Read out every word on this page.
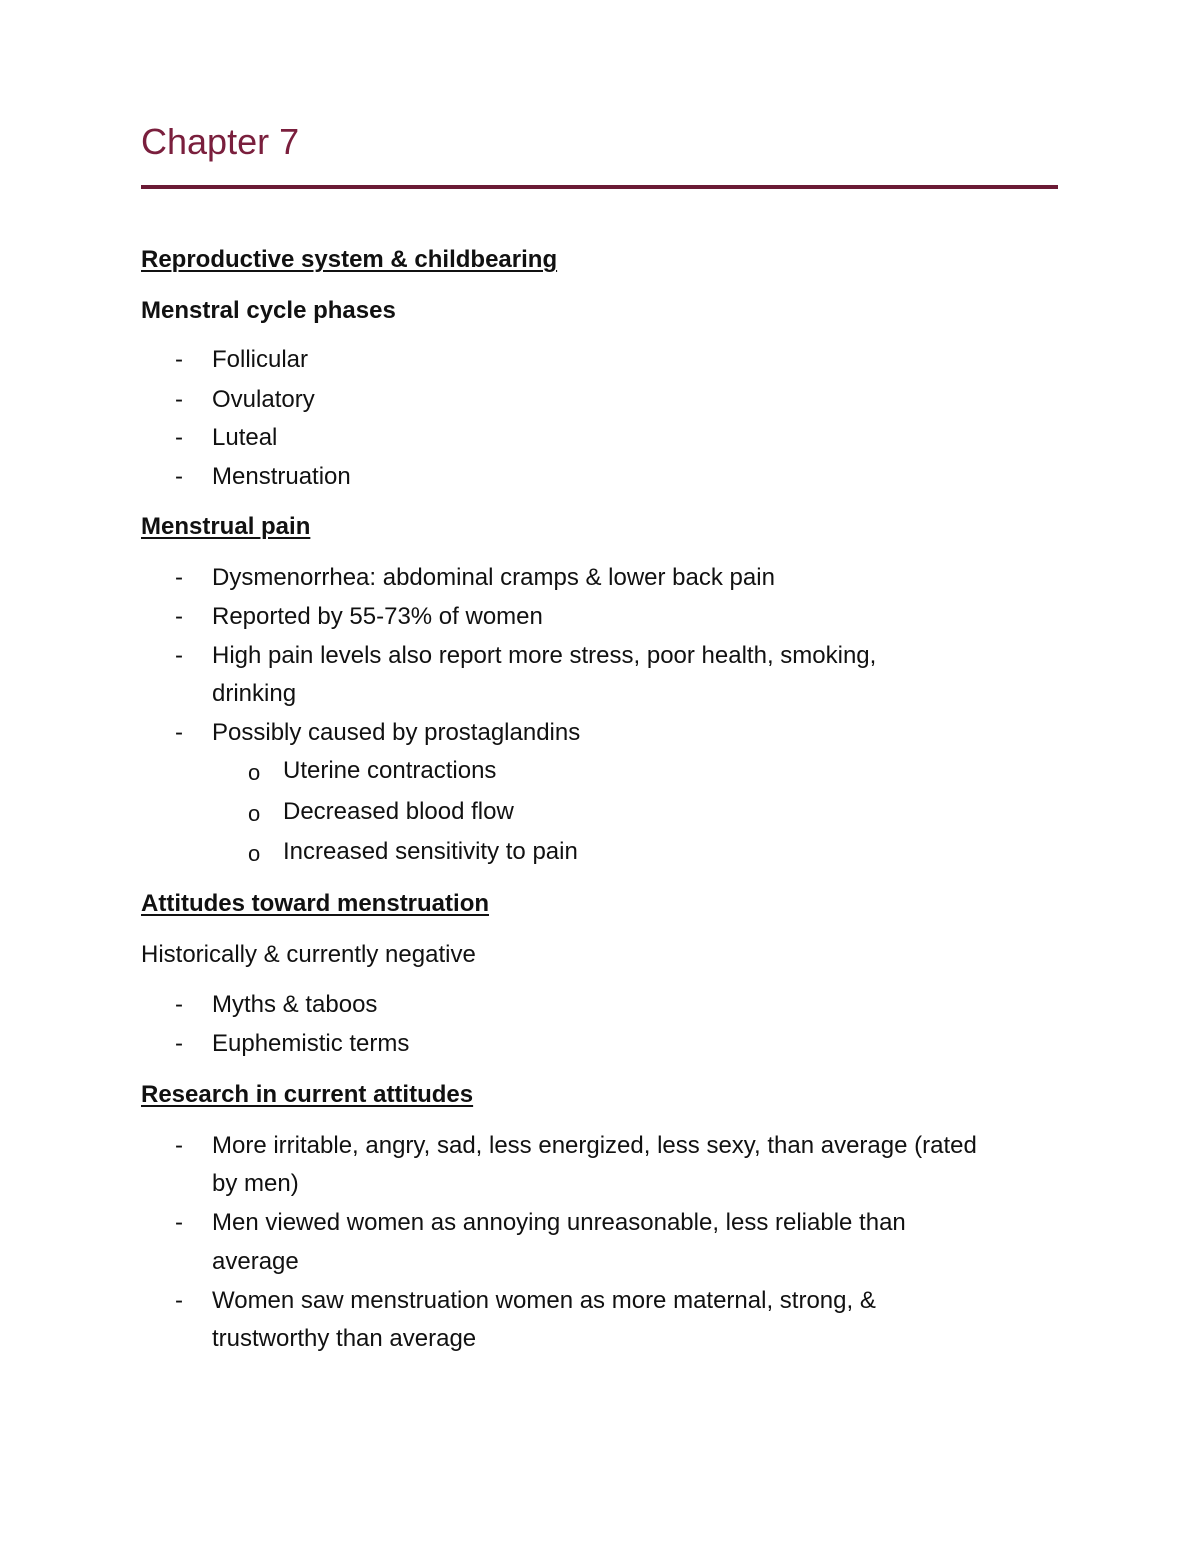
Chapter 7
Reproductive system & childbearing
Menstral cycle phases
- Follicular
- Ovulatory
- Luteal
- Menstruation
Menstrual pain
- Dysmenorrhea: abdominal cramps & lower back pain
- Reported by 55-73% of women
- High pain levels also report more stress, poor health, smoking,
drinking
- Possibly caused by prostaglandins
o Uterine contractions
o Decreased blood flow
o Increased sensitivity to pain
Attitudes toward menstruation
Historically & currently negative
- Myths & taboos
- Euphemistic terms
Research in current attitudes
- More irritable, angry, sad, less energized, less sexy, than average (rated
by men)
- Men viewed women as annoying unreasonable, less reliable than
average
- Women saw menstruation women as more maternal, strong, &
trustworthy than average
